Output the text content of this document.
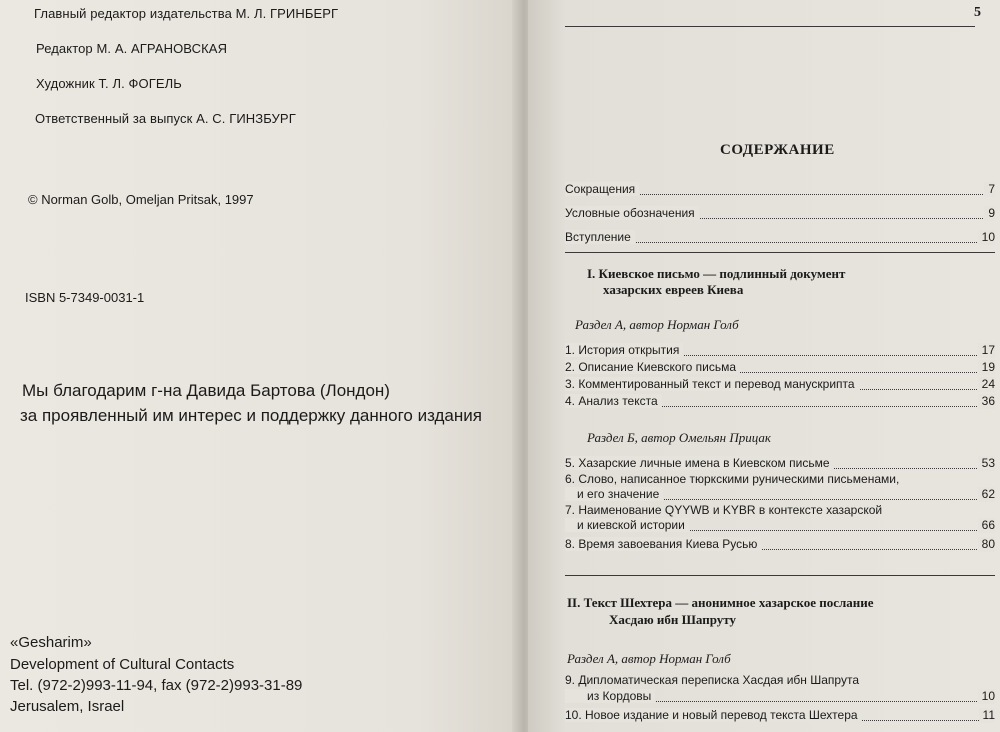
Главный редактор издательства М. Л. ГРИНБЕРГ
Редактор М. А. АГРАНОВСКАЯ
Художник Т. Л. ФОГЕЛЬ
Ответственный за выпуск А. С. ГИНЗБУРГ
© Norman Golb, Omeljan Pritsak, 1997
ISBN 5-7349-0031-1
Мы благодарим г-на Давида Бартова (Лондон)
за проявленный им интерес и поддержку данного издания
«Gesharim»
Development of Cultural Contacts
Tel. (972-2)993-11-94, fax (972-2)993-31-89
Jerusalem, Israel
5
СОДЕРЖАНИЕ
Сокращения	7
Условные обозначения	9
Вступление	10
I. Киевское письмо — подлинный документ
хазарских евреев Киева
Раздел А, автор Норман Голб
1. История открытия	17
2. Описание Киевского письма	19
3. Комментированный текст и перевод манускрипта	24
4. Анализ текста	36
Раздел Б, автор Омельян Прицак
5. Хазарские личные имена в Киевском письме	53
6. Слово, написанное тюркскими руническими письменами,
и его значение	62
7. Наименование QYYWB и KYBR в контексте хазарской
и киевской истории	66
8. Время завоевания Киева Русью	80
II. Текст Шехтера — анонимное хазарское послание
Хасдаю ибн Шапруту
Раздел А, автор Норман Голб
9. Дипломатическая переписка Хасдая ибн Шапрута
из Кордовы	10
10. Новое издание и новый перевод текста Шехтера	11
